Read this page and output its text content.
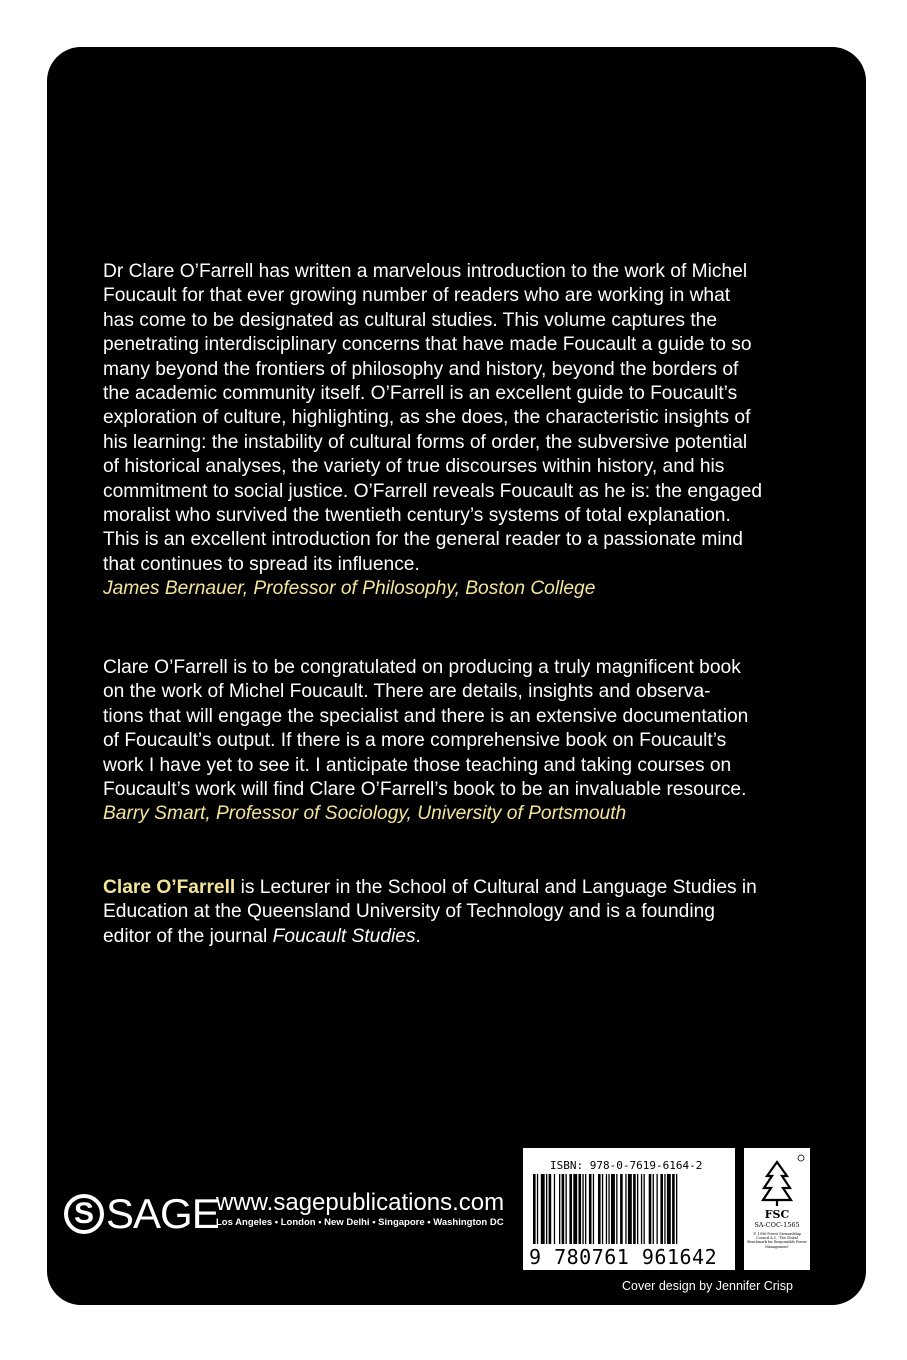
Dr Clare O’Farrell has written a marvelous introduction to the work of Michel

Foucault for that ever growing number of readers who are working in what

has come to be designated as cultural studies. This volume captures the

penetrating interdisciplinary concerns that have made Foucault a guide to so

many beyond the frontiers of philosophy and history, beyond the borders of

the academic community itself. O’Farrell is an excellent guide to Foucault’s

exploration of culture, highlighting, as she does, the characteristic insights of

his learning: the instability of cultural forms of order, the subversive potential

of historical analyses, the variety of true discourses within history, and his

commitment to social justice. O’Farrell reveals Foucault as he is: the engaged

moralist who survived the twentieth century’s systems of total explanation.

This is an excellent introduction for the general reader to a passionate mind

that continues to spread its influence.

James Bernauer, Professor of Philosophy, Boston College

Clare O’Farrell is to be congratulated on producing a truly magnificent book

on the work of Michel Foucault. There are details, insights and observa-

tions that will engage the specialist and there is an extensive documentation

of Foucault’s output. If there is a more comprehensive book on Foucault’s

work I have yet to see it. I anticipate those teaching and taking courses on

Foucault’s work will find Clare O’Farrell’s book to be an invaluable resource.

Barry Smart, Professor of Sociology, University of Portsmouth

Clare O’Farrell is Lecturer in the School of Cultural and Language Studies in

Education at the Queensland University of Technology and is a founding

editor of the journal Foucault Studies.

S SAGE
www.sagepublications.com
Los Angeles • London • New Delhi • Singapore • Washington DC
ISBN: 978-0-7619-6164-2
9 780761 961642
FSC
SA-COC-1565
© 1996 Forest Stewardship Council A.C. 'The Global Benchmark for Responsible Forest Management'
Cover design by Jennifer Crisp
